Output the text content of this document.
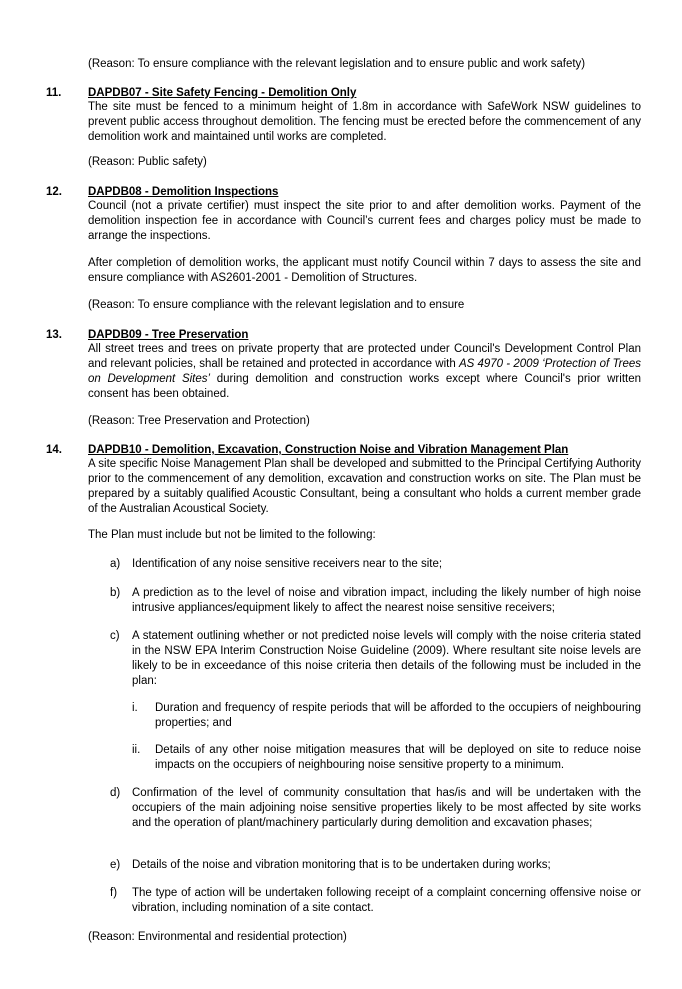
(Reason: To ensure compliance with the relevant legislation and to ensure public and work safety)

11. DAPDB07 - Site Safety Fencing - Demolition Only

The site must be fenced to a minimum height of 1.8m in accordance with SafeWork NSW guidelines to prevent public access throughout demolition. The fencing must be erected before the commencement of any demolition work and maintained until works are completed.

(Reason: Public safety)

12. DAPDB08 - Demolition Inspections

Council (not a private certifier) must inspect the site prior to and after demolition works. Payment of the demolition inspection fee in accordance with Council’s current fees and charges policy must be made to arrange the inspections.

After completion of demolition works, the applicant must notify Council within 7 days to assess the site and ensure compliance with AS2601-2001 - Demolition of Structures.

(Reason: To ensure compliance with the relevant legislation and to ensure

13. DAPDB09 - Tree Preservation

All street trees and trees on private property that are protected under Council's Development Control Plan and relevant policies, shall be retained and protected in accordance with AS 4970 - 2009 ‘Protection of Trees on Development Sites’ during demolition and construction works except where Council's prior written consent has been obtained.

(Reason: Tree Preservation and Protection)

14. DAPDB10 - Demolition, Excavation, Construction Noise and Vibration Management Plan

A site specific Noise Management Plan shall be developed and submitted to the Principal Certifying Authority prior to the commencement of any demolition, excavation and construction works on site. The Plan must be prepared by a suitably qualified Acoustic Consultant, being a consultant who holds a current member grade of the Australian Acoustical Society.

The Plan must include but not be limited to the following:

a) Identification of any noise sensitive receivers near to the site;

b) A prediction as to the level of noise and vibration impact, including the likely number of high noise intrusive appliances/equipment likely to affect the nearest noise sensitive receivers;

c) A statement outlining whether or not predicted noise levels will comply with the noise criteria stated in the NSW EPA Interim Construction Noise Guideline (2009). Where resultant site noise levels are likely to be in exceedance of this noise criteria then details of the following must be included in the plan:

i. Duration and frequency of respite periods that will be afforded to the occupiers of neighbouring properties; and

ii. Details of any other noise mitigation measures that will be deployed on site to reduce noise impacts on the occupiers of neighbouring noise sensitive property to a minimum.

d) Confirmation of the level of community consultation that has/is and will be undertaken with the occupiers of the main adjoining noise sensitive properties likely to be most affected by site works and the operation of plant/machinery particularly during demolition and excavation phases;

e) Details of the noise and vibration monitoring that is to be undertaken during works;

f) The type of action will be undertaken following receipt of a complaint concerning offensive noise or vibration, including nomination of a site contact.

(Reason: Environmental and residential protection)
